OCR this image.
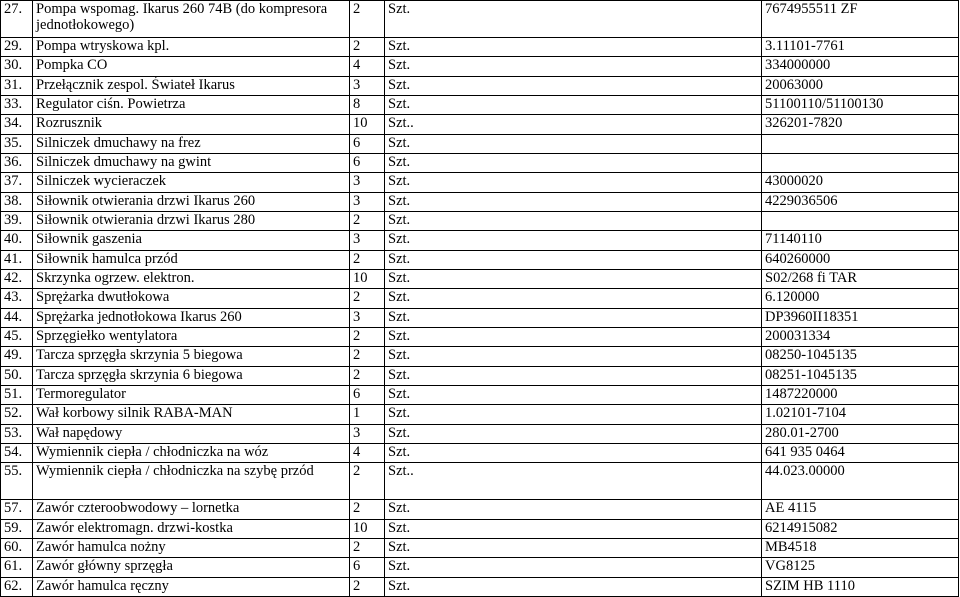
27.	Pompa wspomag. Ikarus 260 74B (do kompresora jednotłokowego)	2	Szt.	7674955511 ZF
29.	Pompa wtryskowa kpl.	2	Szt.	3.11101-7761
30.	Pompka CO	4	Szt.	334000000
31.	Przełącznik zespol. Świateł Ikarus	3	Szt.	20063000
33.	Regulator ciśn. Powietrza	8	Szt.	51100110/51100130
34.	Rozrusznik	10	Szt..	326201-7820
35.	Silniczek dmuchawy na frez	6	Szt.	
36.	Silniczek dmuchawy na gwint	6	Szt.	
37.	Silniczek wycieraczek	3	Szt.	43000020
38.	Siłownik otwierania drzwi Ikarus 260	3	Szt.	4229036506
39.	Siłownik otwierania drzwi Ikarus 280	2	Szt.	
40.	Siłownik gaszenia	3	Szt.	71140110
41.	Siłownik hamulca przód	2	Szt.	640260000
42.	Skrzynka ogrzew. elektron.	10	Szt.	S02/268 fi TAR
43.	Sprężarka dwutłokowa	2	Szt.	6.120000
44.	Sprężarka jednotłokowa Ikarus 260	3	Szt.	DP3960II18351
45.	Sprzęgiełko wentylatora	2	Szt.	200031334
49.	Tarcza sprzęgła skrzynia 5 biegowa	2	Szt.	08250-1045135
50.	Tarcza sprzęgła skrzynia 6 biegowa	2	Szt.	08251-1045135
51.	Termoregulator	6	Szt.	1487220000
52.	Wał korbowy silnik RABA-MAN	1	Szt.	1.02101-7104
53.	Wał napędowy	3	Szt.	280.01-2700
54.	Wymiennik ciepła / chłodniczka na wóz	4	Szt.	641 935 0464
55.	Wymiennik ciepła / chłodniczka na szybę przód	2	Szt..	44.023.00000
57.	Zawór czteroobwodowy – lornetka	2	Szt.	AE 4115
59.	Zawór elektromagn. drzwi-kostka	10	Szt.	6214915082
60.	Zawór hamulca nożny	2	Szt.	MB4518
61.	Zawór główny sprzęgła	6	Szt.	VG8125
62.	Zawór hamulca ręczny	2	Szt.	SZIM HB 1110
